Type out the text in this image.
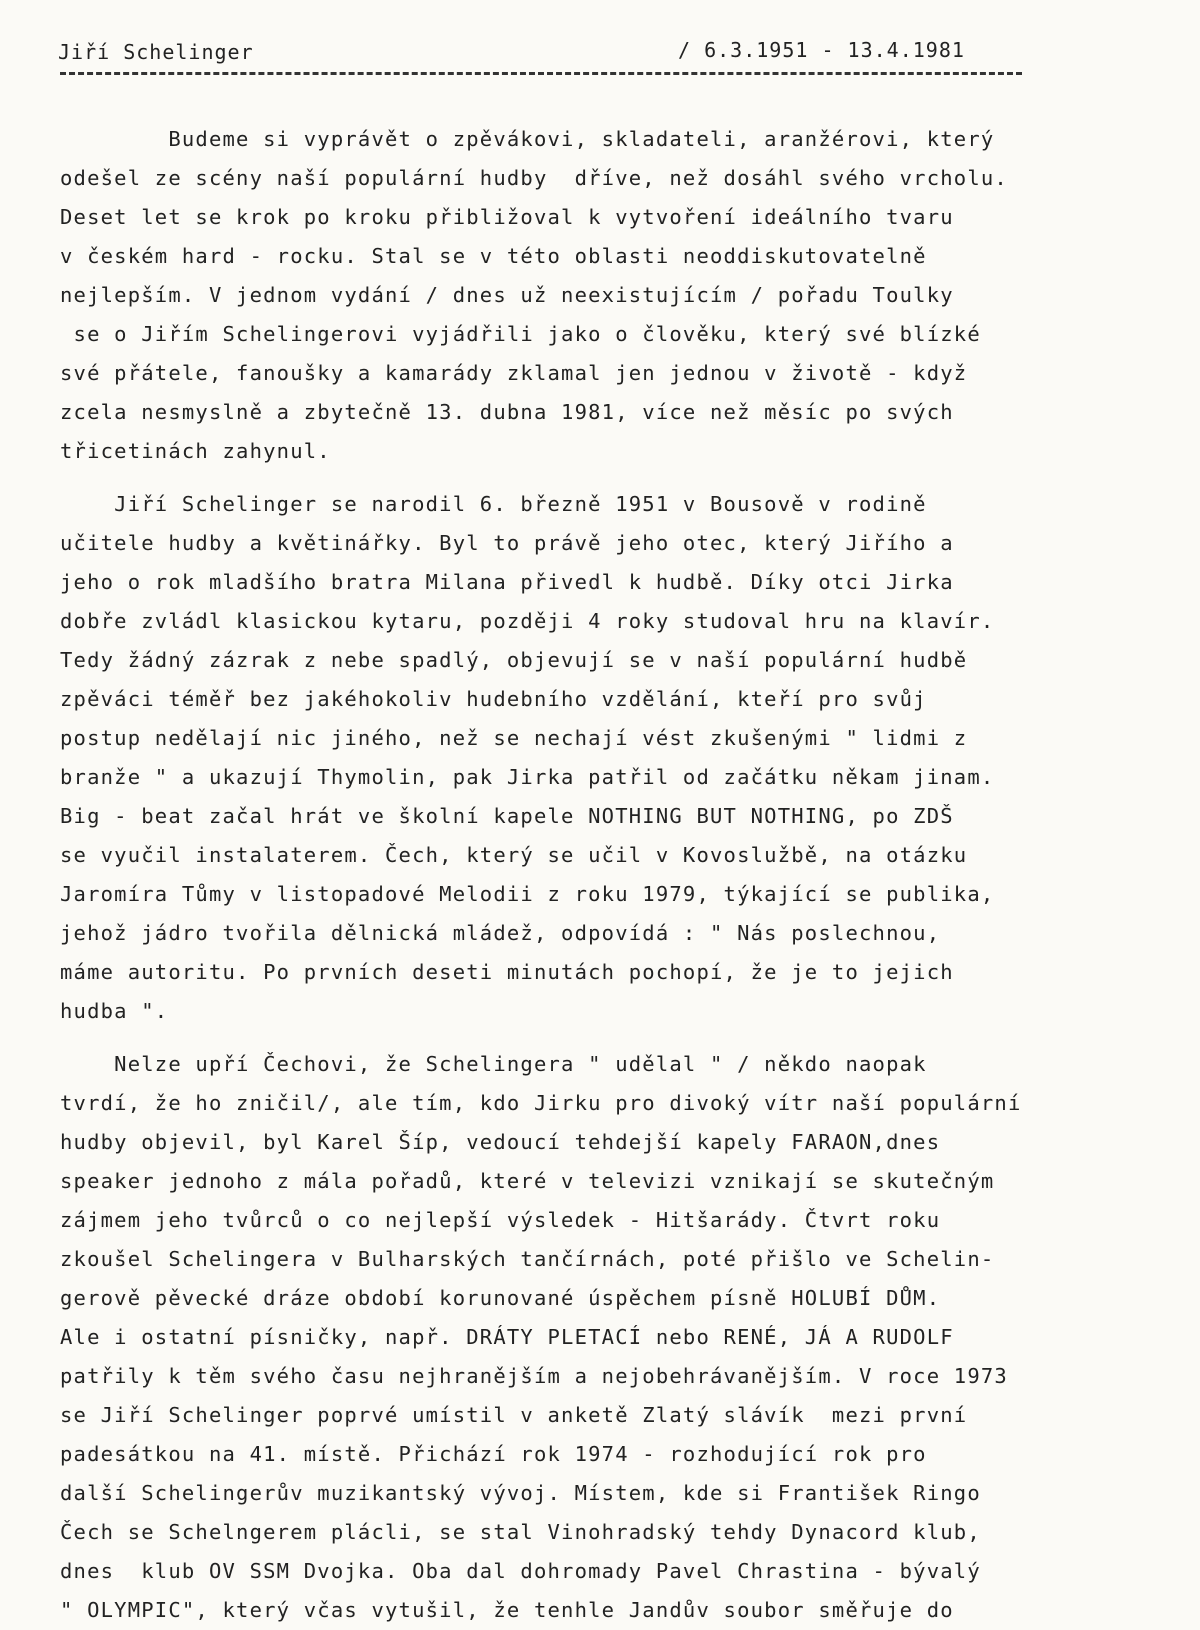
Jiří Schelinger	/ 6.3.1951 - 13.4.1981
Budeme si vyprávět o zpěvákovi, skladateli, aranžérovi, který
odešel ze scény naší populární hudby  dříve, než dosáhl svého vrcholu.
Deset let se krok po kroku přibližoval k vytvoření ideálního tvaru
v českém hard - rocku. Stal se v této oblasti neoddiskutovatelně
nejlepším. V jednom vydání / dnes už neexistujícím / pořadu Toulky
se o Jiřím Schelingerovi vyjádřili jako o člověku, který své blízké
své přátele, fanoušky a kamarády zklamal jen jednou v životě - když
zcela nesmyslně a zbytečně 13. dubna 1981, více než měsíc po svých
třicetinách zahynul.
Jiří Schelinger se narodil 6. březně 1951 v Bousově v rodině
učitele hudby a květinářky. Byl to právě jeho otec, který Jiřího a
jeho o rok mladšího bratra Milana přivedl k hudbě. Díky otci Jirka
dobře zvládl klasickou kytaru, později 4 roky studoval hru na klavír.
Tedy žádný zázrak z nebe spadlý, objevují se v naší populární hudbě
zpěváci téměř bez jakéhokoliv hudebního vzdělání, kteří pro svůj
postup nedělají nic jiného, než se nechají vést zkušenými " lidmi z
branže " a ukazují Thymolin, pak Jirka patřil od začátku někam jinam.
Big - beat začal hrát ve školní kapele NOTHING BUT NOTHING, po ZDŠ
se vyučil instalaterem. Čech, který se učil v Kovoslužbě, na otázku
Jaromíra Tůmy v listopadové Melodii z roku 1979, týkající se publika,
jehož jádro tvořila dělnická mládež, odpovídá : " Nás poslechnou,
máme autoritu. Po prvních deseti minutách pochopí, že je to jejich
hudba ".
Nelze upří Čechovi, že Schelingera " udělal " / někdo naopak
tvrdí, že ho zničil/, ale tím, kdo Jirku pro divoký vítr naší populární
hudby objevil, byl Karel Šíp, vedoucí tehdejší kapely FARAON,dnes
speaker jednoho z mála pořadů, které v televizi vznikají se skutečným
zájmem jeho tvůrců o co nejlepší výsledek - Hitšarády. Čtvrt roku
zkoušel Schelingera v Bulharských tančírnách, poté přišlo ve Schelin-
gerově pěvecké dráze období korunované úspěchem písně HOLUBÍ DŮM.
Ale i ostatní písničky, např. DRÁTY PLETACÍ nebo RENÉ, JÁ A RUDOLF
patřily k těm svého času nejhranějším a nejobehrávanějším. V roce 1973
se Jiří Schelinger poprvé umístil v anketě Zlatý slávík  mezi první
padesátkou na 41. místě. Přichází rok 1974 - rozhodující rok pro
další Schelingerův muzikantský vývoj. Místem, kde si František Ringo
Čech se Schelngerem plácli, se stal Vinohradský tehdy Dynacord klub,
dnes  klub OV SSM Dvojka. Oba dal dohromady Pavel Chrastina - bývalý
" OLYMPIC", který včas vytušil, že tenhle Jandův soubor směřuje do
